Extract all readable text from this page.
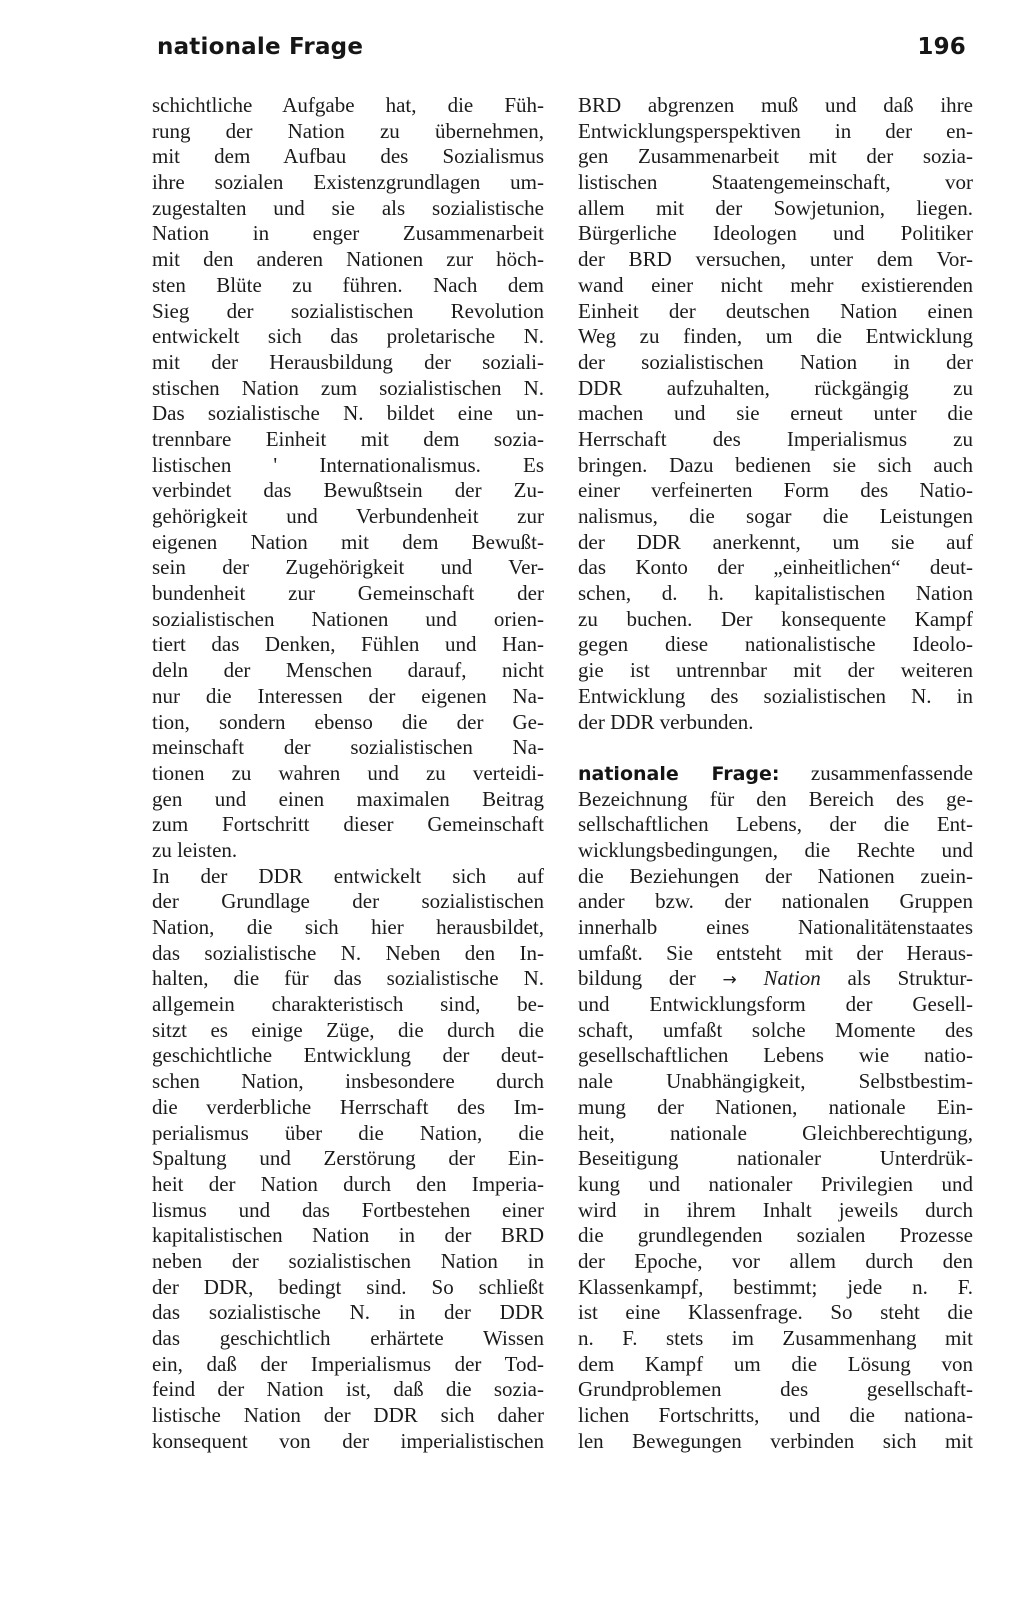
nationale Frage	196
schichtliche Aufgabe hat, die Füh-
rung der Nation zu übernehmen,
mit dem Aufbau des Sozialismus
ihre sozialen Existenzgrundlagen um-
zugestalten und sie als sozialistische
Nation in enger Zusammenarbeit
mit den anderen Nationen zur höch-
sten Blüte zu führen. Nach dem
Sieg der sozialistischen Revolution
entwickelt sich das proletarische N.
mit der Herausbildung der soziali-
stischen Nation zum sozialistischen N.
Das sozialistische N. bildet eine un-
trennbare Einheit mit dem sozia-
listischen ' Internationalismus. Es
verbindet das Bewußtsein der Zu-
gehörigkeit und Verbundenheit zur
eigenen Nation mit dem Bewußt-
sein der Zugehörigkeit und Ver-
bundenheit zur Gemeinschaft der
sozialistischen Nationen und orien-
tiert das Denken, Fühlen und Han-
deln der Menschen darauf, nicht
nur die Interessen der eigenen Na-
tion, sondern ebenso die der Ge-
meinschaft der sozialistischen Na-
tionen zu wahren und zu verteidi-
gen und einen maximalen Beitrag
zum Fortschritt dieser Gemeinschaft
zu leisten.
In der DDR entwickelt sich auf
der Grundlage der sozialistischen
Nation, die sich hier herausbildet,
das sozialistische N. Neben den In-
halten, die für das sozialistische N.
allgemein charakteristisch sind, be-
sitzt es einige Züge, die durch die
geschichtliche Entwicklung der deut-
schen Nation, insbesondere durch
die verderbliche Herrschaft des Im-
perialismus über die Nation, die
Spaltung und Zerstörung der Ein-
heit der Nation durch den Imperia-
lismus und das Fortbestehen einer
kapitalistischen Nation in der BRD
neben der sozialistischen Nation in
der DDR, bedingt sind. So schließt
das sozialistische N. in der DDR
das geschichtlich erhärtete Wissen
ein, daß der Imperialismus der Tod-
feind der Nation ist, daß die sozia-
listische Nation der DDR sich daher
konsequent von der imperialistischen
BRD abgrenzen muß und daß ihre
Entwicklungsperspektiven in der en-
gen Zusammenarbeit mit der sozia-
listischen Staatengemeinschaft, vor
allem mit der Sowjetunion, liegen.
Bürgerliche Ideologen und Politiker
der BRD versuchen, unter dem Vor-
wand einer nicht mehr existierenden
Einheit der deutschen Nation einen
Weg zu finden, um die Entwicklung
der sozialistischen Nation in der
DDR aufzuhalten, rückgängig zu
machen und sie erneut unter die
Herrschaft des Imperialismus zu
bringen. Dazu bedienen sie sich auch
einer verfeinerten Form des Natio-
nalismus, die sogar die Leistungen
der DDR anerkennt, um sie auf
das Konto der „einheitlichen“ deut-
schen, d. h. kapitalistischen Nation
zu buchen. Der konsequente Kampf
gegen diese nationalistische Ideolo-
gie ist untrennbar mit der weiteren
Entwicklung des sozialistischen N. in
der DDR verbunden.
nationale Frage: zusammenfassende
Bezeichnung für den Bereich des ge-
sellschaftlichen Lebens, der die Ent-
wicklungsbedingungen, die Rechte und
die Beziehungen der Nationen zuein-
ander bzw. der nationalen Gruppen
innerhalb eines Nationalitätenstaates
umfaßt. Sie entsteht mit der Heraus-
bildung der → Nation als Struktur-
und Entwicklungsform der Gesell-
schaft, umfaßt solche Momente des
gesellschaftlichen Lebens wie natio-
nale Unabhängigkeit, Selbstbestim-
mung der Nationen, nationale Ein-
heit, nationale Gleichberechtigung,
Beseitigung nationaler Unterdrük-
kung und nationaler Privilegien und
wird in ihrem Inhalt jeweils durch
die grundlegenden sozialen Prozesse
der Epoche, vor allem durch den
Klassenkampf, bestimmt; jede n. F.
ist eine Klassenfrage. So steht die
n. F. stets im Zusammenhang mit
dem Kampf um die Lösung von
Grundproblemen des gesellschaft-
lichen Fortschritts, und die nationa-
len Bewegungen verbinden sich mit
